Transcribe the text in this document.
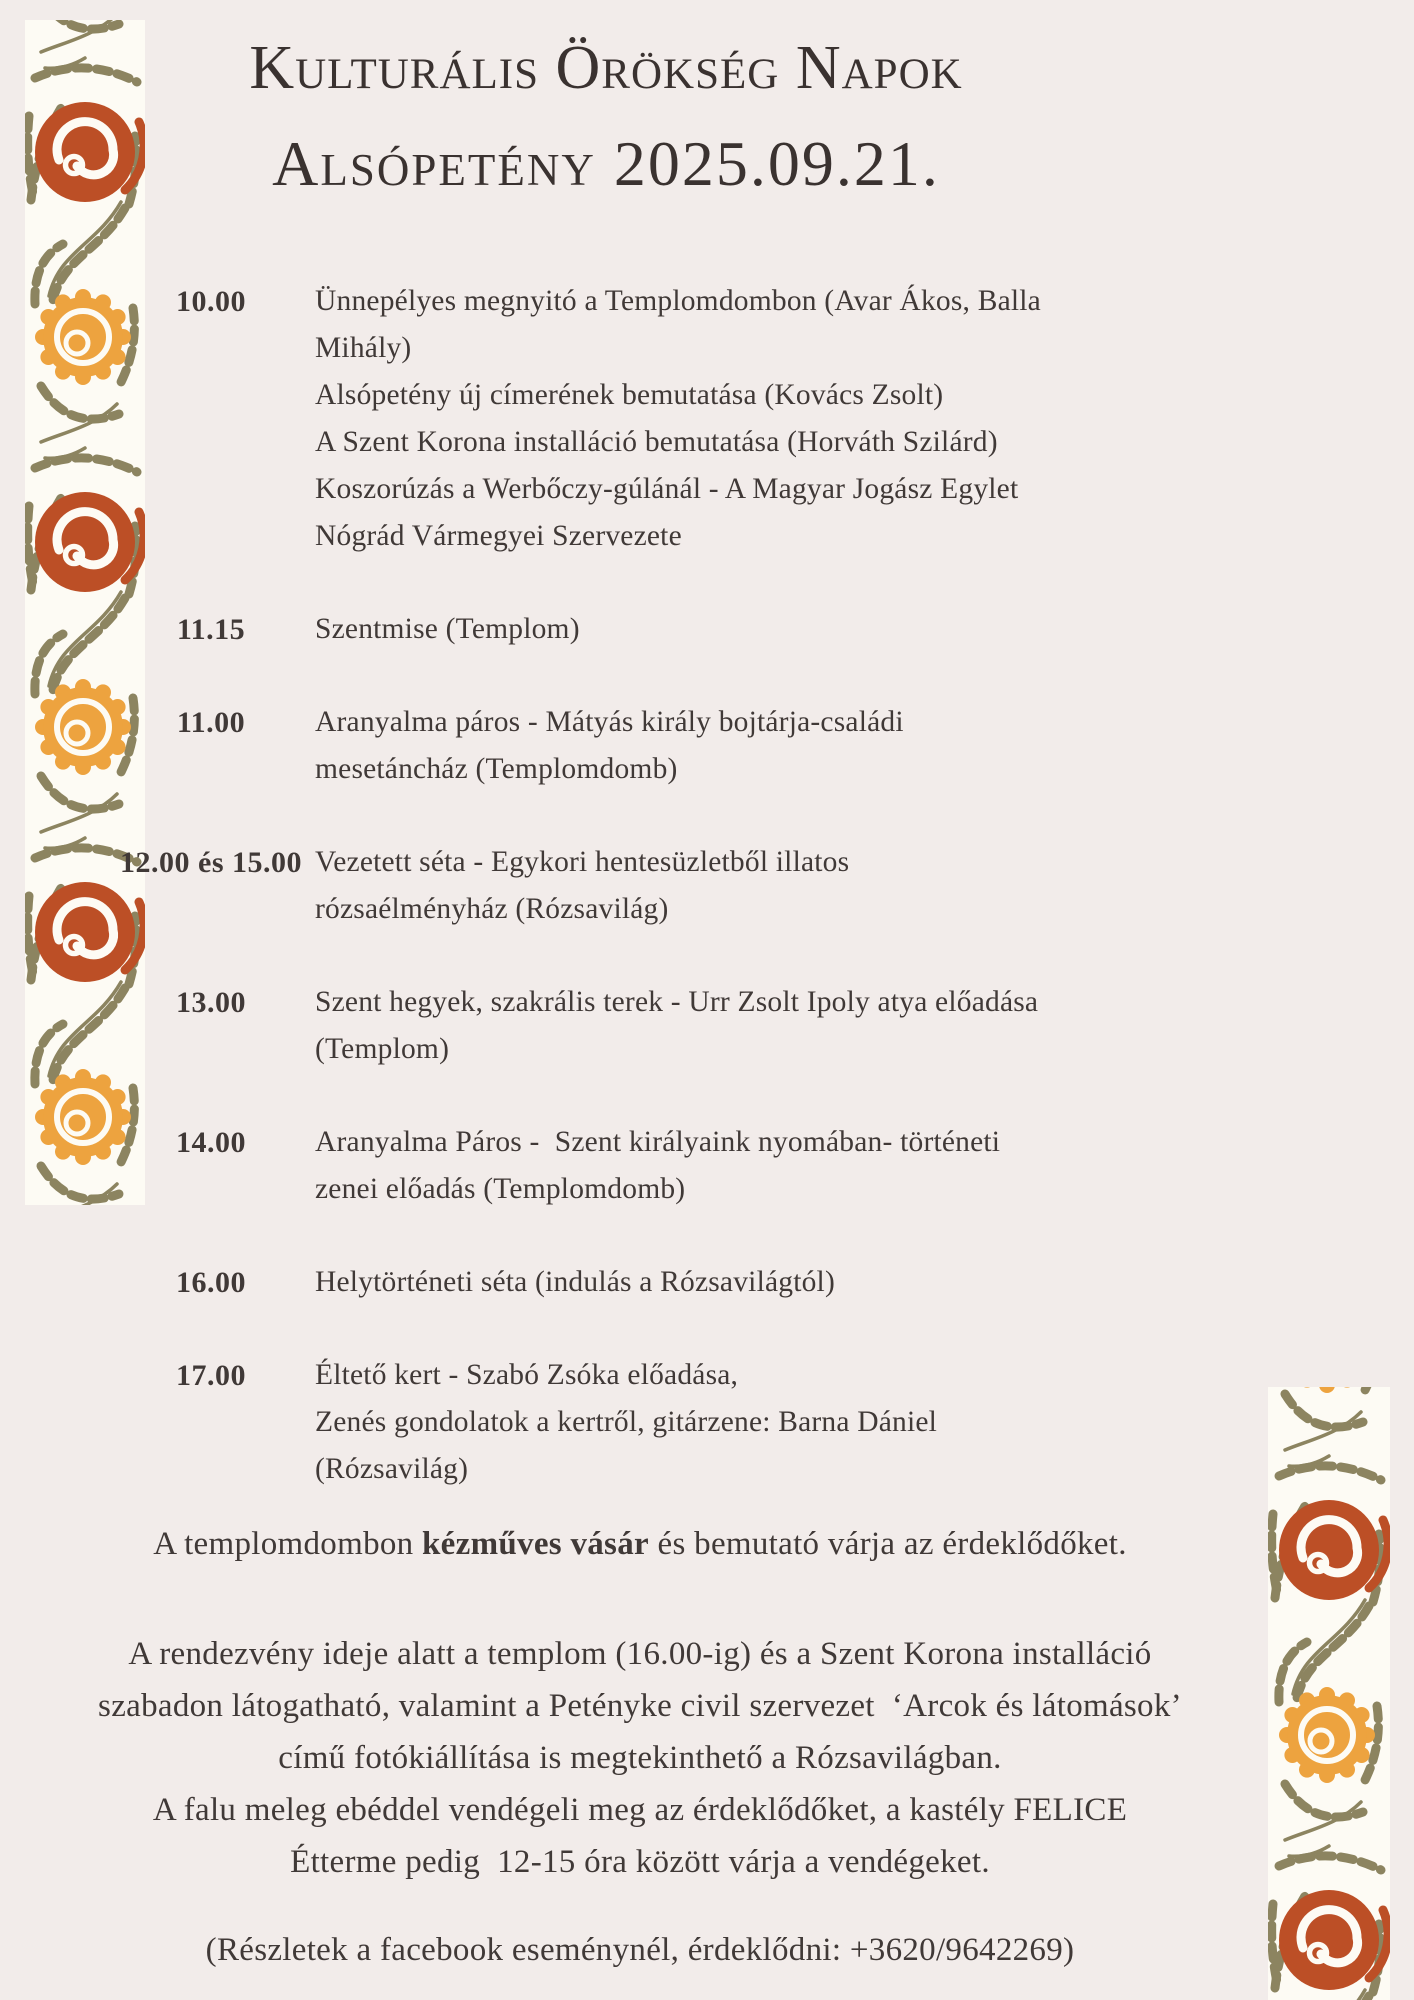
Kulturális Örökség Napok
Alsópetény 2025.09.21.
10.00	Ünnepélyes megnyitó a Templomdombon (Avar Ákos, Balla
Mihály)
Alsópetény új címerének bemutatása (Kovács Zsolt)
A Szent Korona installáció bemutatása (Horváth Szilárd)
Koszorúzás a Werbőczy-gúlánál - A Magyar Jogász Egylet
Nógrád Vármegyei Szervezete
11.15	Szentmise (Templom)
11.00	Aranyalma páros - Mátyás király bojtárja-családi
mesetáncház (Templomdomb)
12.00 és 15.00 Vezetett séta - Egykori hentesüzletből illatos
rózsaélményház (Rózsavilág)
13.00	Szent hegyek, szakrális terek - Urr Zsolt Ipoly atya előadása
(Templom)
14.00	Aranyalma Páros -  Szent királyaink nyomában- történeti
zenei előadás (Templomdomb)
16.00	Helytörténeti séta (indulás a Rózsavilágtól)
17.00	Éltető kert - Szabó Zsóka előadása,
Zenés gondolatok a kertről, gitárzene: Barna Dániel
(Rózsavilág)
A templomdombon kézműves vásár és bemutató várja az érdeklődőket.
A rendezvény ideje alatt a templom (16.00-ig) és a Szent Korona installáció
szabadon látogatható, valamint a Petényke civil szervezet  ‘Arcok és látomások’
című fotókiállítása is megtekinthető a Rózsavilágban.
A falu meleg ebéddel vendégeli meg az érdeklődőket, a kastély FELICE
Étterme pedig  12-15 óra között várja a vendégeket.
(Részletek a facebook eseménynél, érdeklődni: +3620/9642269)
